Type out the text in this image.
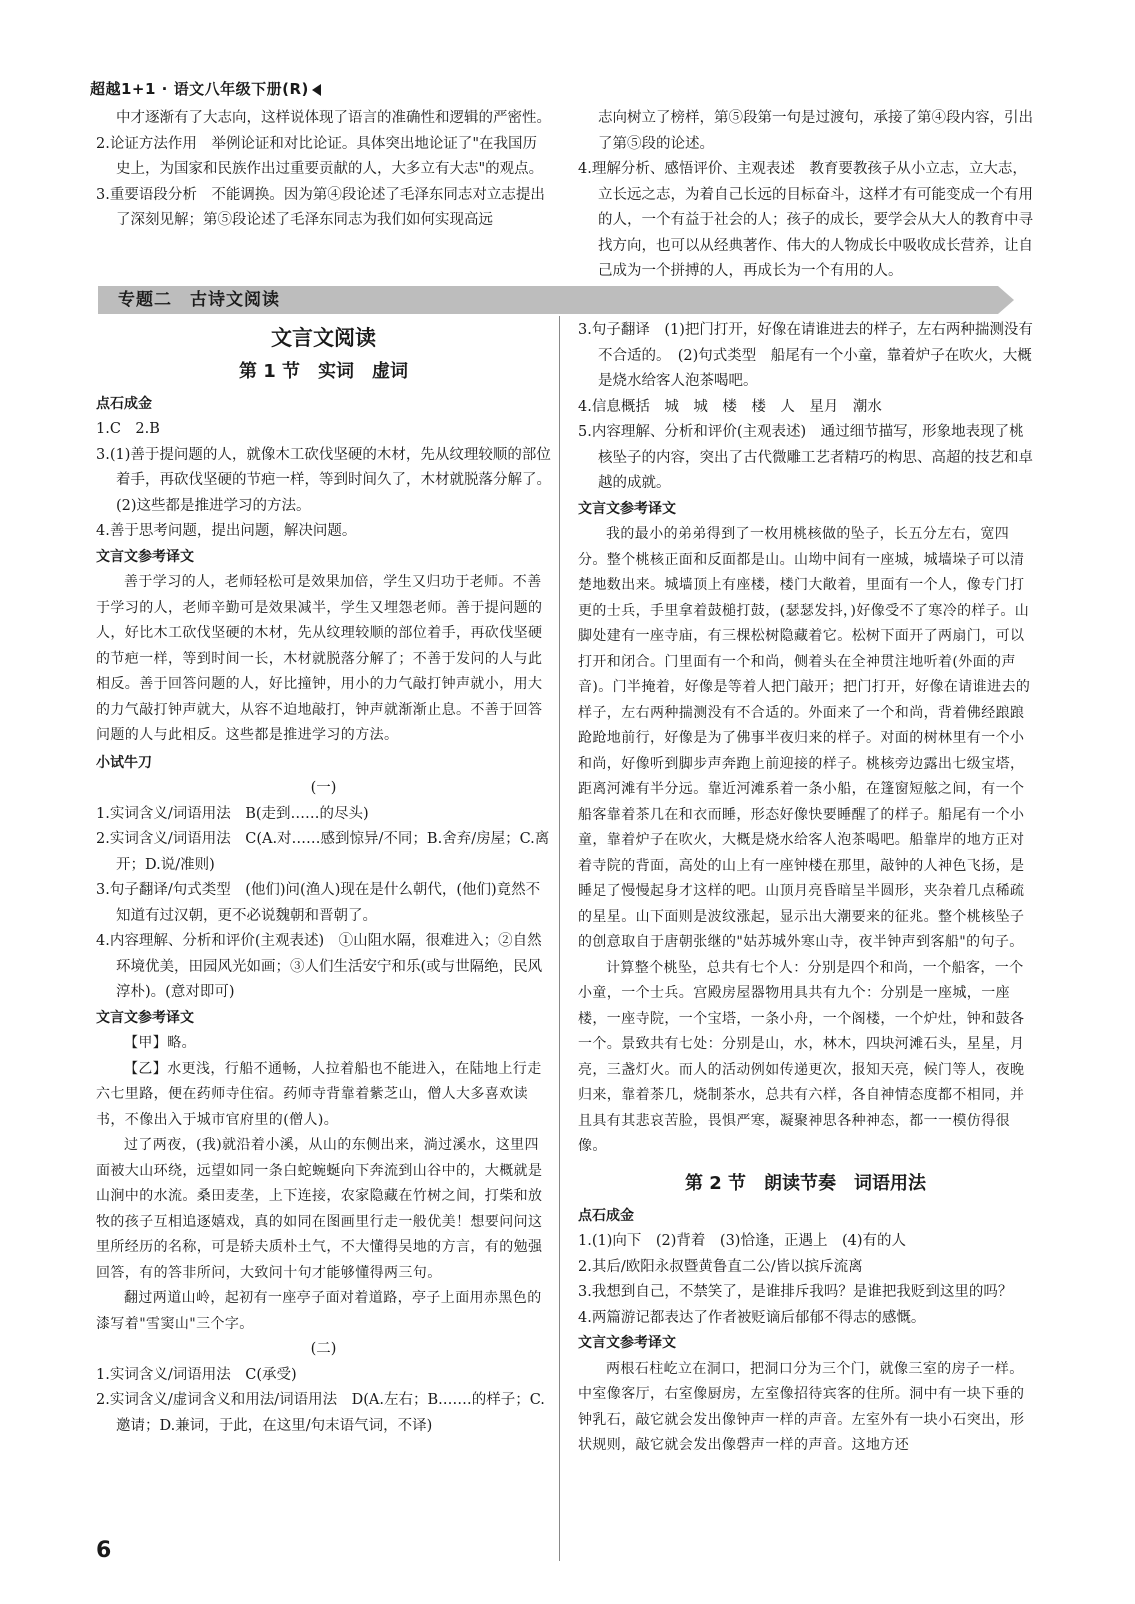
超越1+1 · 语文八年级下册(R)

中才逐渐有了大志向，这样说体现了语言的准确性和逻辑的严密性。

2.论证方法作用　举例论证和对比论证。具体突出地论证了"在我国历史上，为国家和民族作出过重要贡献的人，大多立有大志"的观点。

3.重要语段分析　不能调换。因为第④段论述了毛泽东同志对立志提出了深刻见解；第⑤段论述了毛泽东同志为我们如何实现高远

志向树立了榜样，第⑤段第一句是过渡句，承接了第④段内容，引出了第⑤段的论述。

4.理解分析、感悟评价、主观表述　教育要教孩子从小立志，立大志，立长远之志，为着自己长远的目标奋斗，这样才有可能变成一个有用的人，一个有益于社会的人；孩子的成长，要学会从大人的教育中寻找方向，也可以从经典著作、伟大的人物成长中吸收成长营养，让自己成为一个拼搏的人，再成长为一个有用的人。

专题二　古诗文阅读
文言文阅读
第 1 节　实词　虚词

点石成金

1.C　2.B

3.(1)善于提问题的人，就像木工砍伐坚硬的木材，先从纹理较顺的部位着手，再砍伐坚硬的节疤一样，等到时间久了，木材就脱落分解了。(2)这些都是推进学习的方法。

4.善于思考问题，提出问题，解决问题。

文言文参考译文

善于学习的人，老师轻松可是效果加倍，学生又归功于老师。不善于学习的人，老师辛勤可是效果减半，学生又埋怨老师。善于提问题的人，好比木工砍伐坚硬的木材，先从纹理较顺的部位着手，再砍伐坚硬的节疤一样，等到时间一长，木材就脱落分解了；不善于发问的人与此相反。善于回答问题的人，好比撞钟，用小的力气敲打钟声就小，用大的力气敲打钟声就大，从容不迫地敲打，钟声就渐渐止息。不善于回答问题的人与此相反。这些都是推进学习的方法。

小试牛刀

(一)

1.实词含义/词语用法　B(走到……的尽头)

2.实词含义/词语用法　C(A.对……感到惊异/不同；B.舍弃/房屋；C.离开；D.说/准则)

3.句子翻译/句式类型　(他们)问(渔人)现在是什么朝代，(他们)竟然不知道有过汉朝，更不必说魏朝和晋朝了。

4.内容理解、分析和评价(主观表述)　①山阻水隔，很难进入；②自然环境优美，田园风光如画；③人们生活安宁和乐(或与世隔绝，民风淳朴)。(意对即可)

文言文参考译文

【甲】略。

【乙】水更浅，行船不通畅，人拉着船也不能进入，在陆地上行走六七里路，便在药师寺住宿。药师寺背靠着紫芝山，僧人大多喜欢读书，不像出入于城市官府里的(僧人)。

过了两夜，(我)就沿着小溪，从山的东侧出来，淌过溪水，这里四面被大山环绕，远望如同一条白蛇蜿蜒向下奔流到山谷中的，大概就是山涧中的水流。桑田麦垄，上下连接，农家隐藏在竹树之间，打柴和放牧的孩子互相追逐嬉戏，真的如同在图画里行走一般优美！想要问问这里所经历的名称，可是轿夫质朴土气，不大懂得吴地的方言，有的勉强回答，有的答非所问，大致问十句才能够懂得两三句。

翻过两道山岭，起初有一座亭子面对着道路，亭子上面用赤黑色的漆写着"雪窦山"三个字。

(二)

1.实词含义/词语用法　C(承受)

2.实词含义/虚词含义和用法/词语用法　D(A.左右；B.……的样子；C.邀请；D.兼词，于此，在这里/句末语气词，不译)

3.句子翻译　(1)把门打开，好像在请谁进去的样子，左右两种揣测没有不合适的。　(2)句式类型　船尾有一个小童，靠着炉子在吹火，大概是烧水给客人泡茶喝吧。

4.信息概括　城　城　楼　楼　人　星月　潮水

5.内容理解、分析和评价(主观表述)　通过细节描写，形象地表现了桃核坠子的内容，突出了古代微雕工艺者精巧的构思、高超的技艺和卓越的成就。

文言文参考译文

我的最小的弟弟得到了一枚用桃核做的坠子，长五分左右，宽四分。整个桃核正面和反面都是山。山坳中间有一座城，城墙垛子可以清楚地数出来。城墙顶上有座楼，楼门大敞着，里面有一个人，像专门打更的士兵，手里拿着鼓槌打鼓，(瑟瑟发抖，)好像受不了寒冷的样子。山脚处建有一座寺庙，有三棵松树隐藏着它。松树下面开了两扇门，可以打开和闭合。门里面有一个和尚，侧着头在全神贯注地听着(外面的声音)。门半掩着，好像是等着人把门敲开；把门打开，好像在请谁进去的样子，左右两种揣测没有不合适的。外面来了一个和尚，背着佛经踉踉跄跄地前行，好像是为了佛事半夜归来的样子。对面的树林里有一个小和尚，好像听到脚步声奔跑上前迎接的样子。桃核旁边露出七级宝塔，距离河滩有半分远。靠近河滩系着一条小船，在篷窗短舷之间，有一个船客靠着茶几在和衣而睡，形态好像快要睡醒了的样子。船尾有一个小童，靠着炉子在吹火，大概是烧水给客人泡茶喝吧。船靠岸的地方正对着寺院的背面，高处的山上有一座钟楼在那里，敲钟的人神色飞扬，是睡足了慢慢起身才这样的吧。山顶月亮昏暗呈半圆形，夹杂着几点稀疏的星星。山下面则是波纹涨起，显示出大潮要来的征兆。整个桃核坠子的创意取自于唐朝张继的"姑苏城外寒山寺，夜半钟声到客船"的句子。

计算整个桃坠，总共有七个人：分别是四个和尚，一个船客，一个小童，一个士兵。宫殿房屋器物用具共有九个：分别是一座城，一座楼，一座寺院，一个宝塔，一条小舟，一个阁楼，一个炉灶，钟和鼓各一个。景致共有七处：分别是山，水，林木，四块河滩石头，星星，月亮，三盏灯火。而人的活动例如传递更次，报知天亮，候门等人，夜晚归来，靠着茶几，烧制茶水，总共有六样，各自神情态度都不相同，并且具有其悲哀苦脸，畏惧严寒，凝聚神思各种神态，都一一模仿得很像。

第 2 节　朗读节奏　词语用法

点石成金

1.(1)向下　(2)背着　(3)恰逢，正遇上　(4)有的人

2.其后/欧阳永叔暨黄鲁直二公/皆以摈斥流离

3.我想到自己，不禁笑了，是谁排斥我吗？是谁把我贬到这里的吗？

4.两篇游记都表达了作者被贬谪后郁郁不得志的感慨。

文言文参考译文

两根石柱屹立在洞口，把洞口分为三个门，就像三室的房子一样。中室像客厅，右室像厨房，左室像招待宾客的住所。洞中有一块下垂的钟乳石，敲它就会发出像钟声一样的声音。左室外有一块小石突出，形状规则，敲它就会发出像磬声一样的声音。这地方还

6
